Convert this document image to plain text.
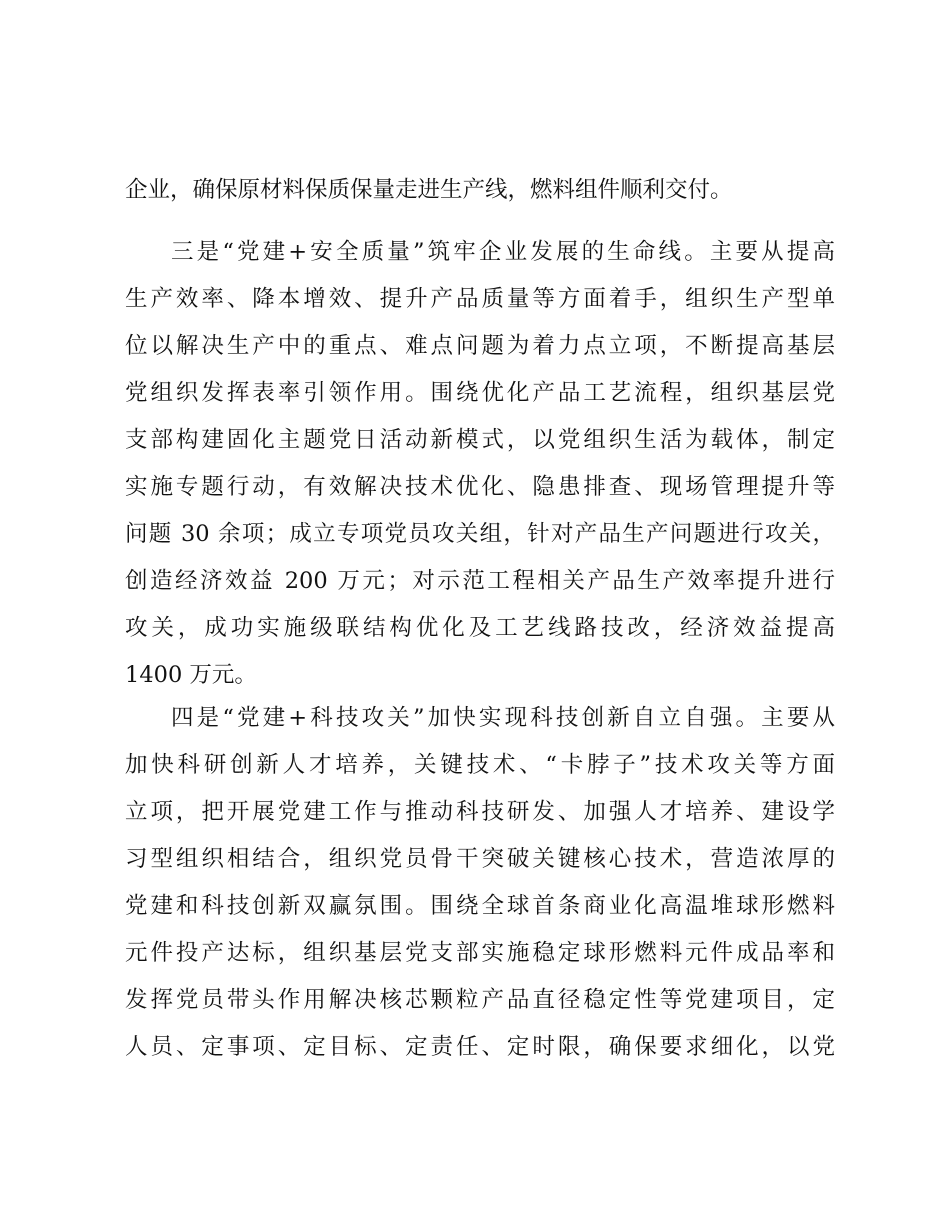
企业，确保原材料保质保量走进生产线，燃料组件顺利交付。
三是“党建+安全质量”筑牢企业发展的生命线。主要从提高
生产效率、降本增效、提升产品质量等方面着手，组织生产型单
位以解决生产中的重点、难点问题为着力点立项，不断提高基层
党组织发挥表率引领作用。围绕优化产品工艺流程，组织基层党
支部构建固化主题党日活动新模式，以党组织生活为载体，制定
实施专题行动，有效解决技术优化、隐患排查、现场管理提升等
问题 30 余项；成立专项党员攻关组，针对产品生产问题进行攻关，
创造经济效益 200 万元；对示范工程相关产品生产效率提升进行
攻关，成功实施级联结构优化及工艺线路技改，经济效益提高
1400 万元。
四是“党建+科技攻关”加快实现科技创新自立自强。主要从
加快科研创新人才培养，关键技术、“卡脖子”技术攻关等方面
立项，把开展党建工作与推动科技研发、加强人才培养、建设学
习型组织相结合，组织党员骨干突破关键核心技术，营造浓厚的
党建和科技创新双赢氛围。围绕全球首条商业化高温堆球形燃料
元件投产达标，组织基层党支部实施稳定球形燃料元件成品率和
发挥党员带头作用解决核芯颗粒产品直径稳定性等党建项目，定
人员、定事项、定目标、定责任、定时限，确保要求细化，以党
